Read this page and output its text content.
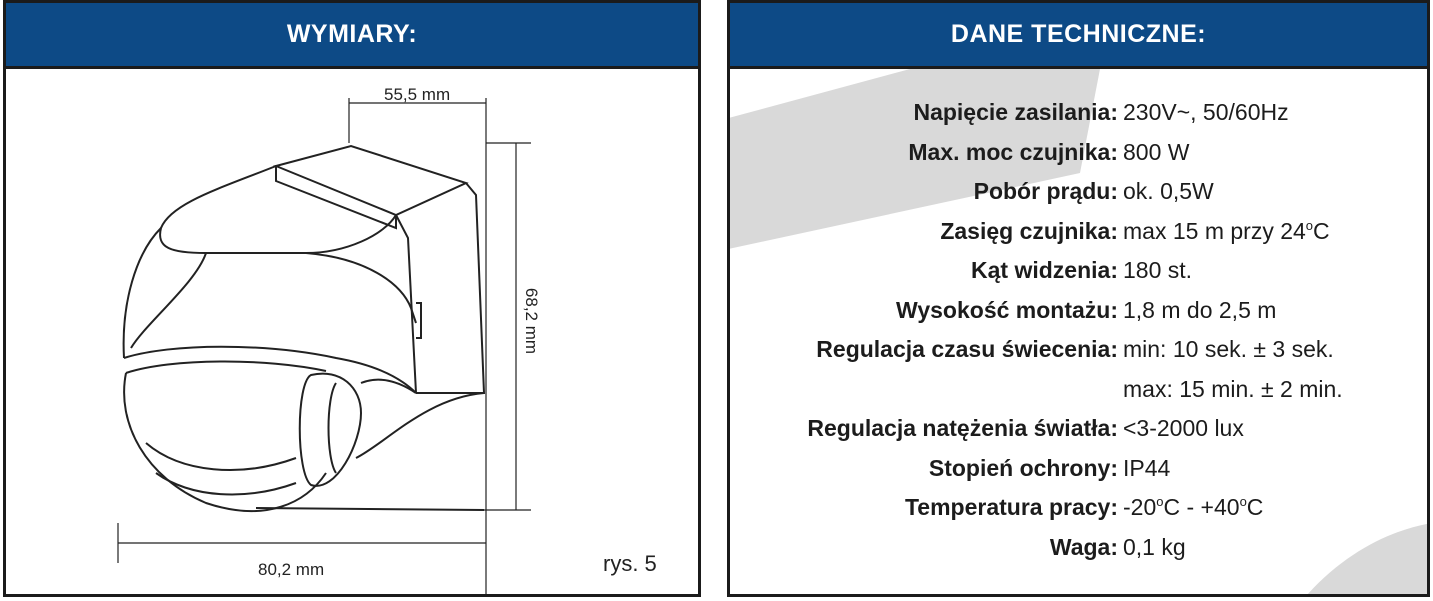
WYMIARY:
55,5 mm
68,2 mm
80,2 mm	rys. 5
DANE TECHNICZNE:
Napięcie zasilania: 230V~, 50/60Hz
Max. moc czujnika: 800 W
Pobór prądu: ok. 0,5W
Zasięg czujnika: max 15 m przy 24$^o$C
Kąt widzenia: 180 st.
Wysokość montażu: 1,8 m do 2,5 m
Regulacja czasu świecenia: min: 10 sek. ± 3 sek.
max: 15 min. ± 2 min.
Regulacja natężenia światła: <3-2000 lux
Stopień ochrony: IP44
Temperatura pracy: $-20^oC - +40^oC$
Waga: 0,1 kg
